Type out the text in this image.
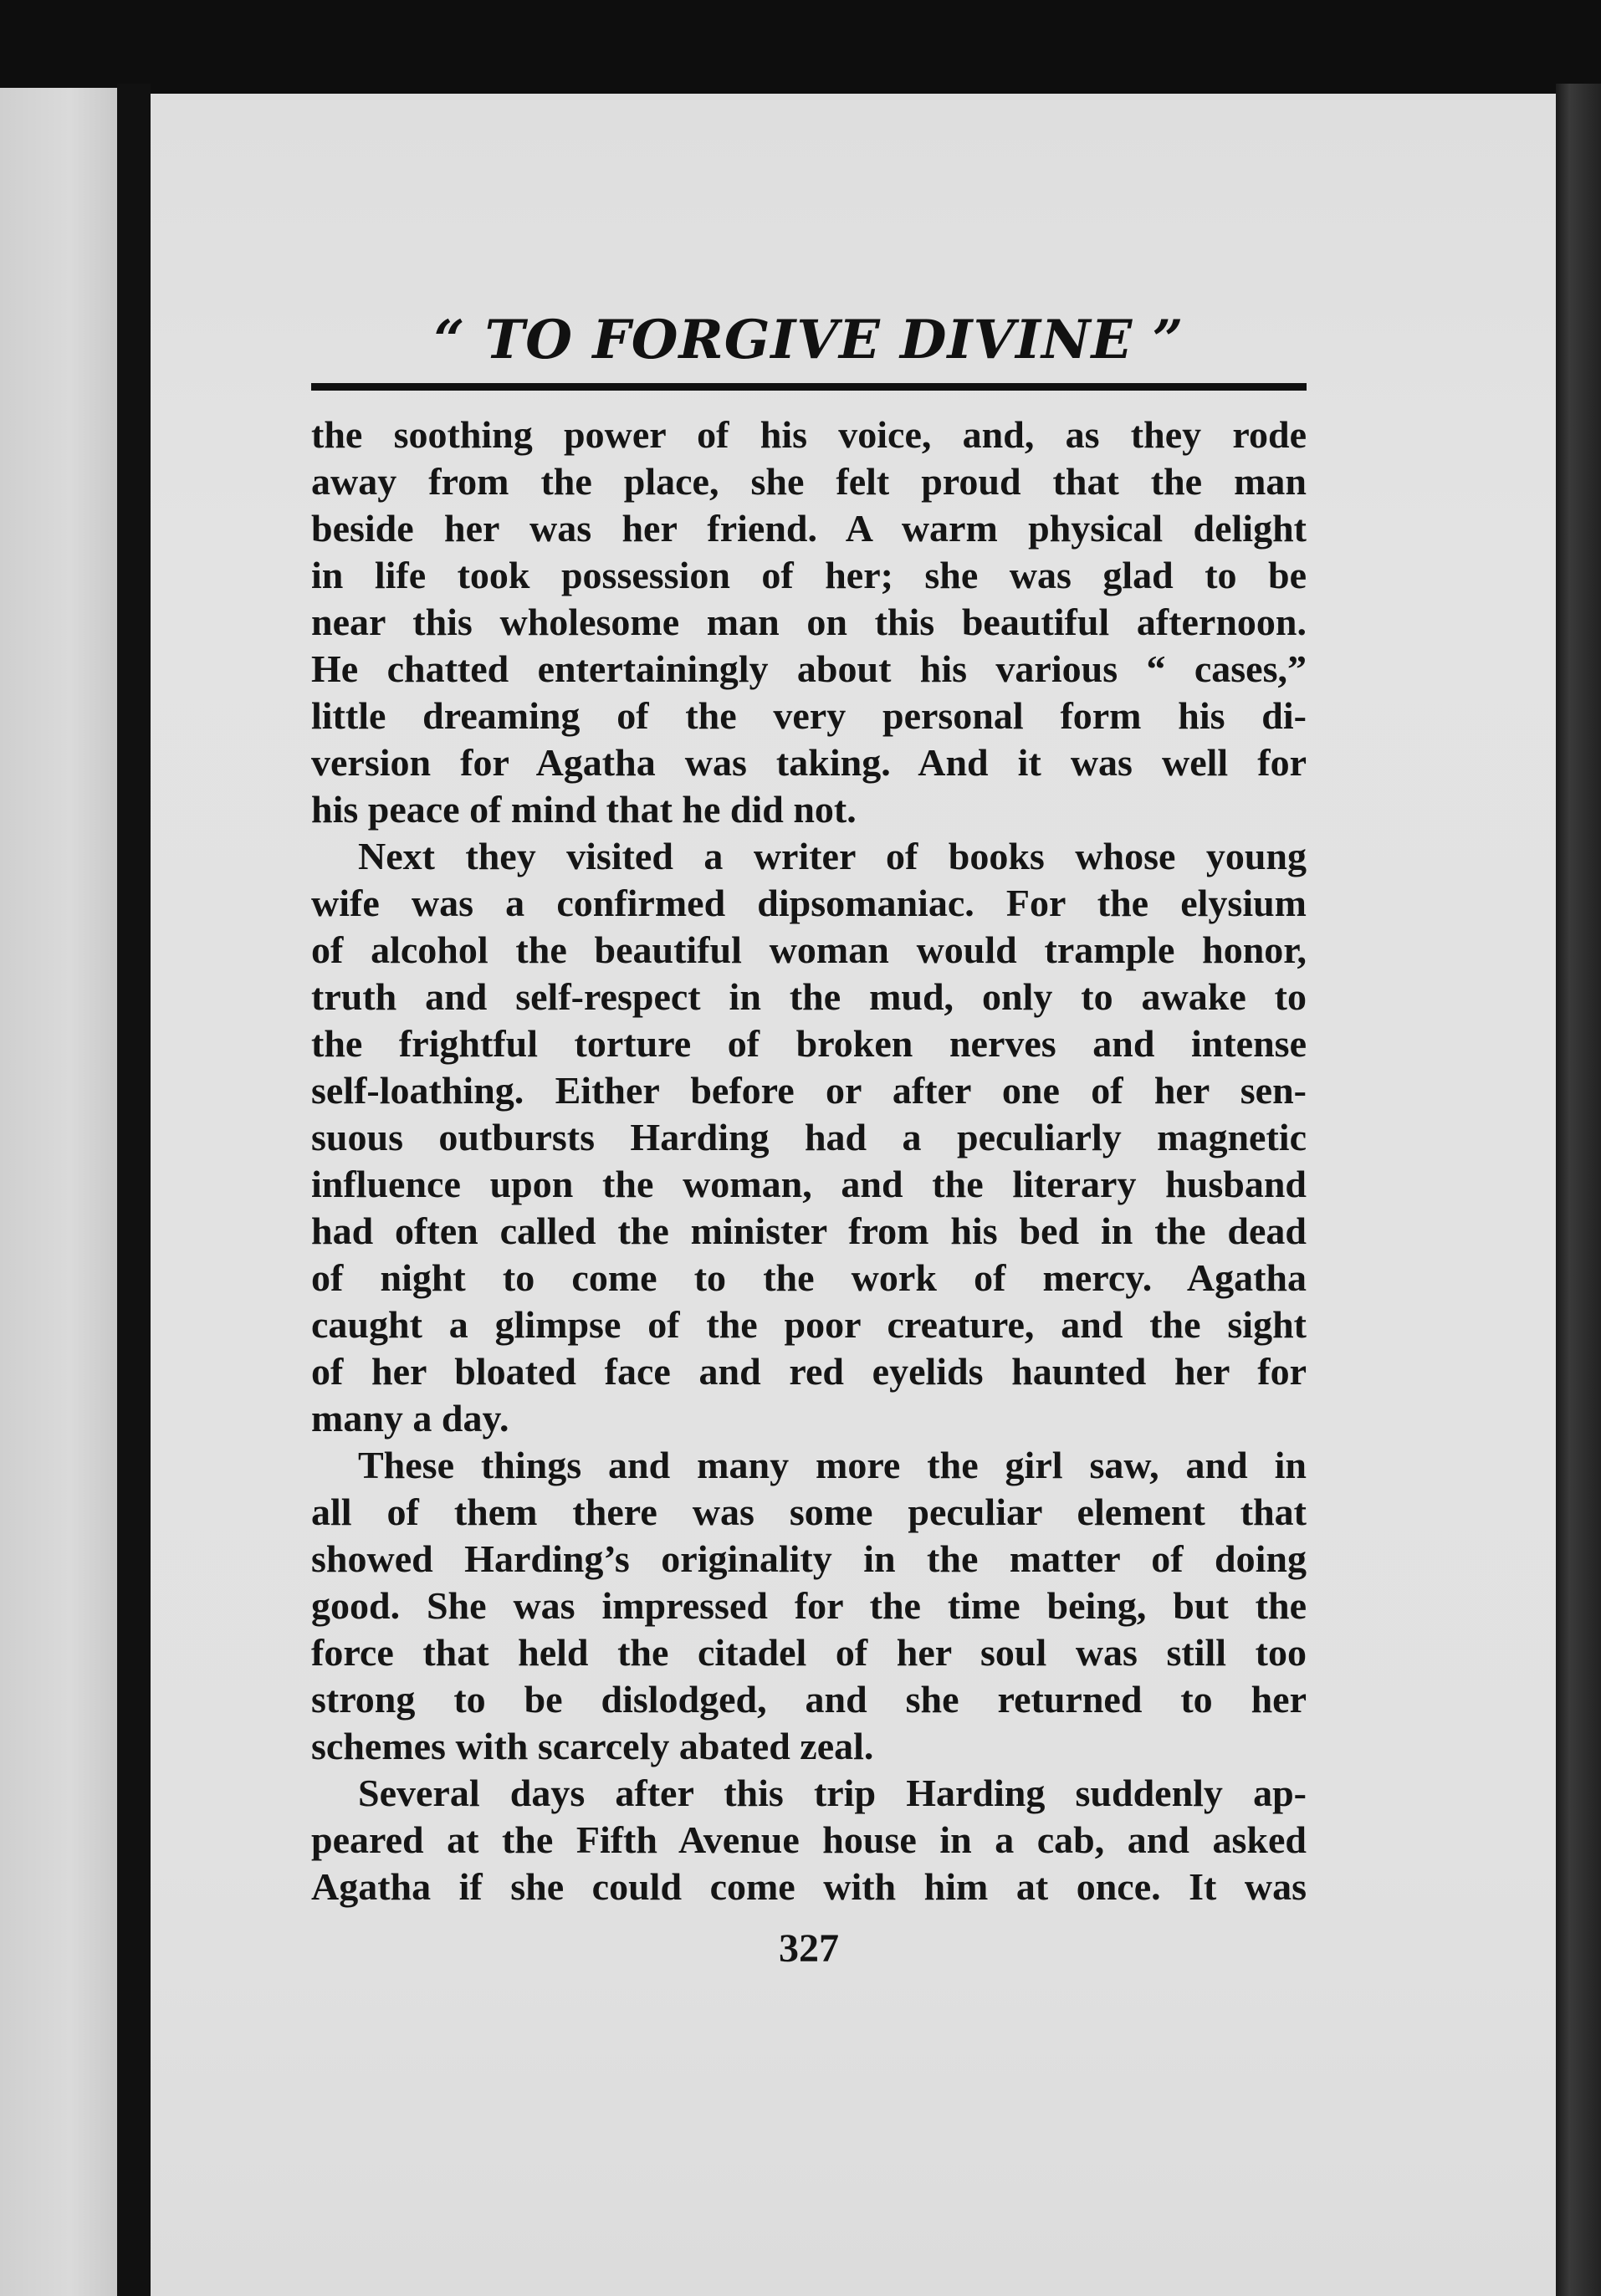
“ TO FORGIVE DIVINE ”
the soothing power of his voice, and, as they rode
away from the place, she felt proud that the man
beside her was her friend. A warm physical delight
in life took possession of her; she was glad to be
near this wholesome man on this beautiful afternoon.
He chatted entertainingly about his various “ cases,”
little dreaming of the very personal form his di-
version for Agatha was taking. And it was well for
his peace of mind that he did not.
Next they visited a writer of books whose young
wife was a confirmed dipsomaniac. For the elysium
of alcohol the beautiful woman would trample honor,
truth and self-respect in the mud, only to awake to
the frightful torture of broken nerves and intense
self-loathing. Either before or after one of her sen-
suous outbursts Harding had a peculiarly magnetic
influence upon the woman, and the literary husband
had often called the minister from his bed in the dead
of night to come to the work of mercy. Agatha
caught a glimpse of the poor creature, and the sight
of her bloated face and red eyelids haunted her for
many a day.
These things and many more the girl saw, and in
all of them there was some peculiar element that
showed Harding’s originality in the matter of doing
good. She was impressed for the time being, but the
force that held the citadel of her soul was still too
strong to be dislodged, and she returned to her
schemes with scarcely abated zeal.
Several days after this trip Harding suddenly ap-
peared at the Fifth Avenue house in a cab, and asked
Agatha if she could come with him at once. It was
327
